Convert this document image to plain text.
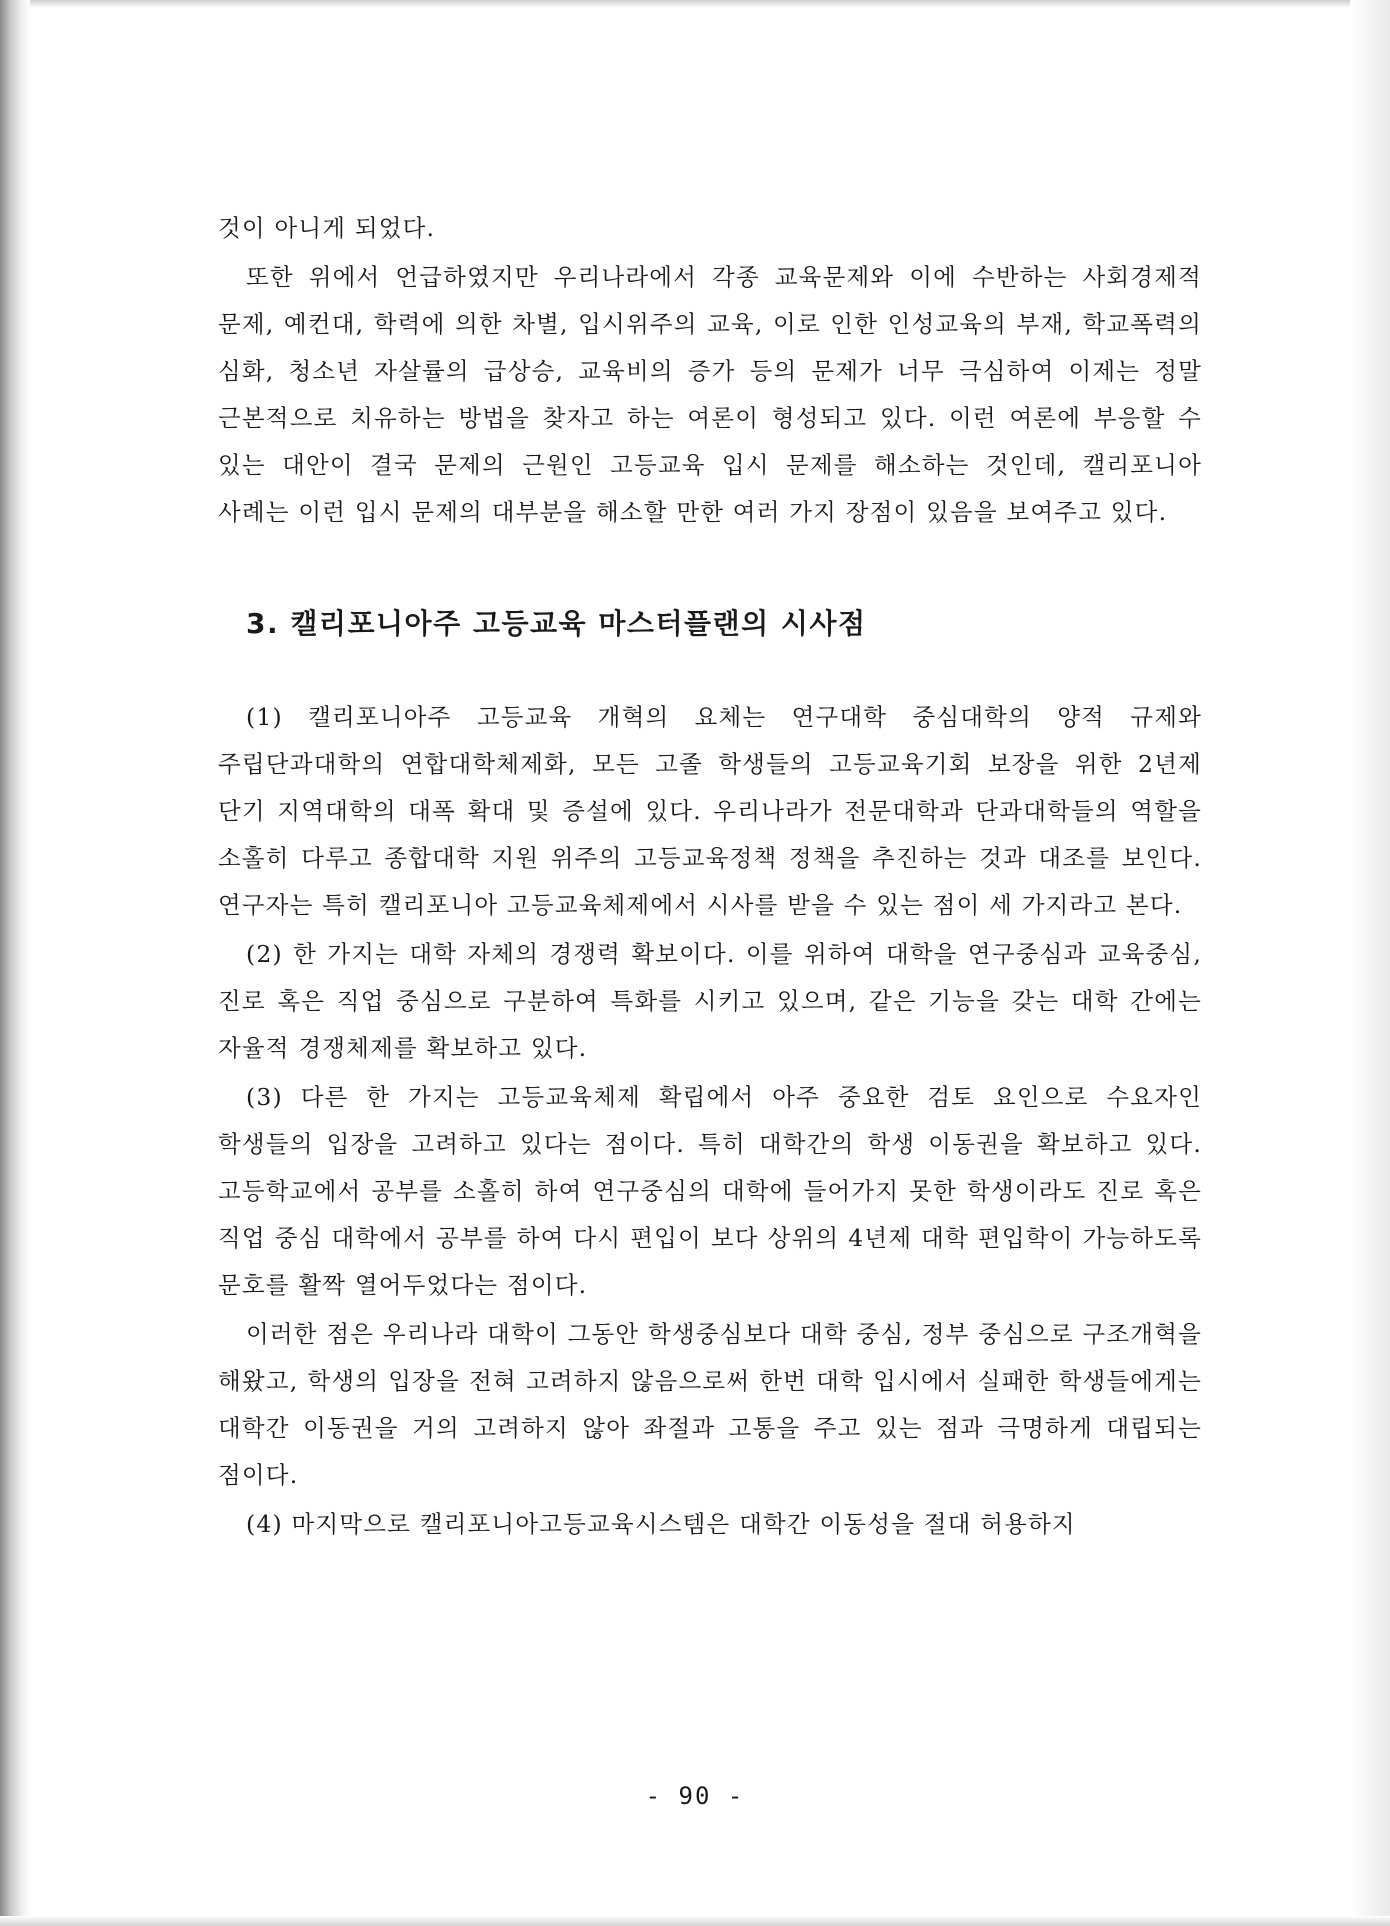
것이 아니게 되었다.

또한 위에서 언급하였지만 우리나라에서 각종 교육문제와 이에 수반하는 사회경제적 문제, 예컨대, 학력에 의한 차별, 입시위주의 교육, 이로 인한 인성교육의 부재, 학교폭력의 심화, 청소년 자살률의 급상승, 교육비의 증가 등의 문제가 너무 극심하여 이제는 정말 근본적으로 치유하는 방법을 찾자고 하는 여론이 형성되고 있다. 이런 여론에 부응할 수 있는 대안이 결국 문제의 근원인 고등교육 입시 문제를 해소하는 것인데, 캘리포니아 사례는 이런 입시 문제의 대부분을 해소할 만한 여러 가지 장점이 있음을 보여주고 있다.

3. 캘리포니아주 고등교육 마스터플랜의 시사점

(1) 캘리포니아주 고등교육 개혁의 요체는 연구대학 중심대학의 양적 규제와 주립단과대학의 연합대학체제화, 모든 고졸 학생들의 고등교육기회 보장을 위한 2년제 단기 지역대학의 대폭 확대 및 증설에 있다. 우리나라가 전문대학과 단과대학들의 역할을 소홀히 다루고 종합대학 지원 위주의 고등교육정책 정책을 추진하는 것과 대조를 보인다. 연구자는 특히 캘리포니아 고등교육체제에서 시사를 받을 수 있는 점이 세 가지라고 본다.

(2) 한 가지는 대학 자체의 경쟁력 확보이다. 이를 위하여 대학을 연구중심과 교육중심, 진로 혹은 직업 중심으로 구분하여 특화를 시키고 있으며, 같은 기능을 갖는 대학 간에는 자율적 경쟁체제를 확보하고 있다.

(3) 다른 한 가지는 고등교육체제 확립에서 아주 중요한 검토 요인으로 수요자인 학생들의 입장을 고려하고 있다는 점이다. 특히 대학간의 학생 이동권을 확보하고 있다. 고등학교에서 공부를 소홀히 하여 연구중심의 대학에 들어가지 못한 학생이라도 진로 혹은 직업 중심 대학에서 공부를 하여 다시 편입이 보다 상위의 4년제 대학 편입학이 가능하도록 문호를 활짝 열어두었다는 점이다.

이러한 점은 우리나라 대학이 그동안 학생중심보다 대학 중심, 정부 중심으로 구조개혁을 해왔고, 학생의 입장을 전혀 고려하지 않음으로써 한번 대학 입시에서 실패한 학생들에게는 대학간 이동권을 거의 고려하지 않아 좌절과 고통을 주고 있는 점과 극명하게 대립되는 점이다.

(4) 마지막으로 캘리포니아고등교육시스템은 대학간 이동성을 절대 허용하지

- 90 -
